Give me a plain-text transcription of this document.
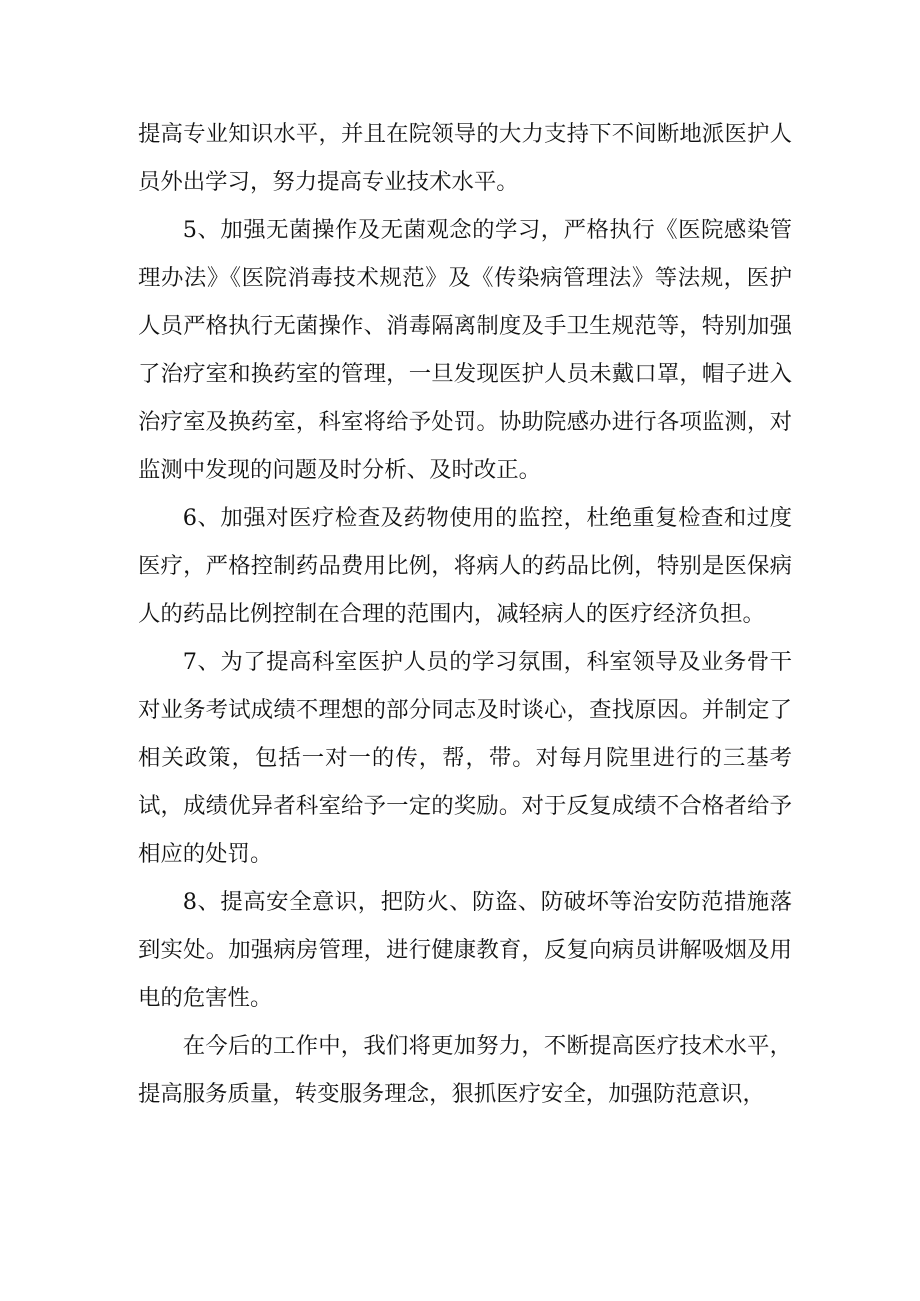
提高专业知识水平，并且在院领导的大力支持下不间断地派医护人员外出学习，努力提高专业技术水平。

5、加强无菌操作及无菌观念的学习，严格执行《医院感染管理办法》《医院消毒技术规范》及《传染病管理法》等法规，医护人员严格执行无菌操作、消毒隔离制度及手卫生规范等，特别加强了治疗室和换药室的管理，一旦发现医护人员未戴口罩，帽子进入治疗室及换药室，科室将给予处罚。协助院感办进行各项监测，对监测中发现的问题及时分析、及时改正。

6、加强对医疗检查及药物使用的监控，杜绝重复检查和过度医疗，严格控制药品费用比例，将病人的药品比例，特别是医保病人的药品比例控制在合理的范围内，减轻病人的医疗经济负担。

7、为了提高科室医护人员的学习氛围，科室领导及业务骨干对业务考试成绩不理想的部分同志及时谈心，查找原因。并制定了相关政策，包括一对一的传，帮，带。对每月院里进行的三基考试，成绩优异者科室给予一定的奖励。对于反复成绩不合格者给予相应的处罚。

8、提高安全意识，把防火、防盗、防破坏等治安防范措施落到实处。加强病房管理，进行健康教育，反复向病员讲解吸烟及用电的危害性。

在今后的工作中，我们将更加努力，不断提高医疗技术水平，提高服务质量，转变服务理念，狠抓医疗安全，加强防范意识，
